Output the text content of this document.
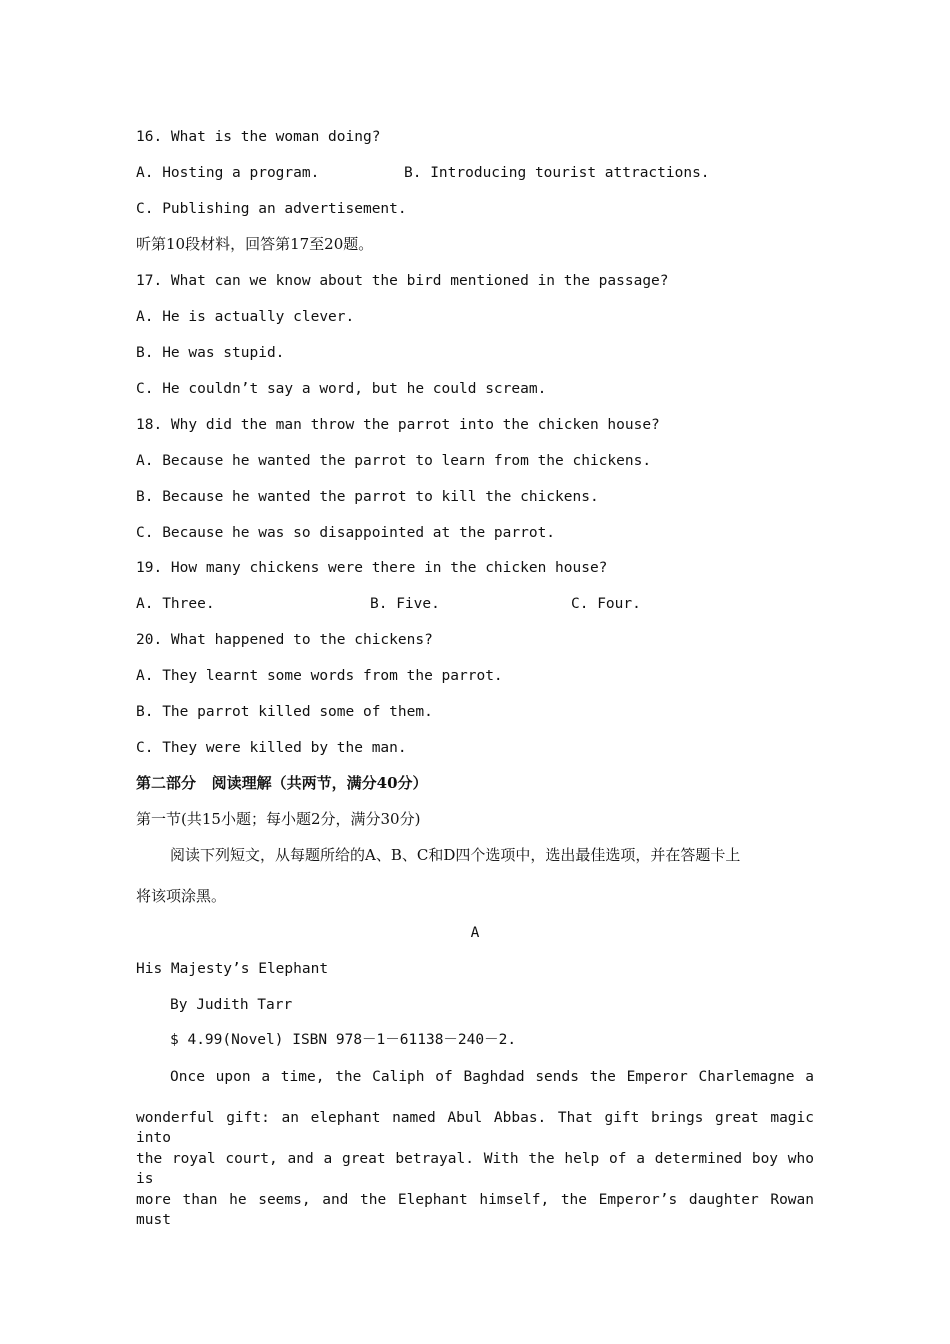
16. What is the woman doing?
A. Hosting a program.	B. Introducing tourist attractions.
C. Publishing an advertisement.
听第10段材料，回答第17至20题。
17. What can we know about the bird mentioned in the passage?
A. He is actually clever.
B. He was stupid.
C. He couldn’t say a word, but he could scream.
18. Why did the man throw the parrot into the chicken house?
A. Because he wanted the parrot to learn from the chickens.
B. Because he wanted the parrot to kill the chickens.
C. Because he was so disappointed at the parrot.
19. How many chickens were there in the chicken house?
A. Three.	B. Five.	C. Four.
20. What happened to the chickens?
A. They learnt some words from the parrot.
B. The parrot killed some of them.
C. They were killed by the man.
第二部分   阅读理解（共两节，满分40分）
第一节(共15小题；每小题2分，满分30分)
阅读下列短文，从每题所给的A、B、C和D四个选项中，选出最佳选项，并在答题卡上
将该项涂黑。
A
His Majesty’s Elephant
By Judith Tarr
$ 4.99(Novel) ISBN 978－1－61138－240－2.
Once upon a time, the Caliph of Baghdad sends the Emperor Charlemagne a
wonderful gift: an elephant named Abul Abbas. That gift brings great magic into
the royal court, and a great betrayal. With the help of a determined boy who is
more than he seems, and the Elephant himself, the Emperor’s daughter Rowan must
